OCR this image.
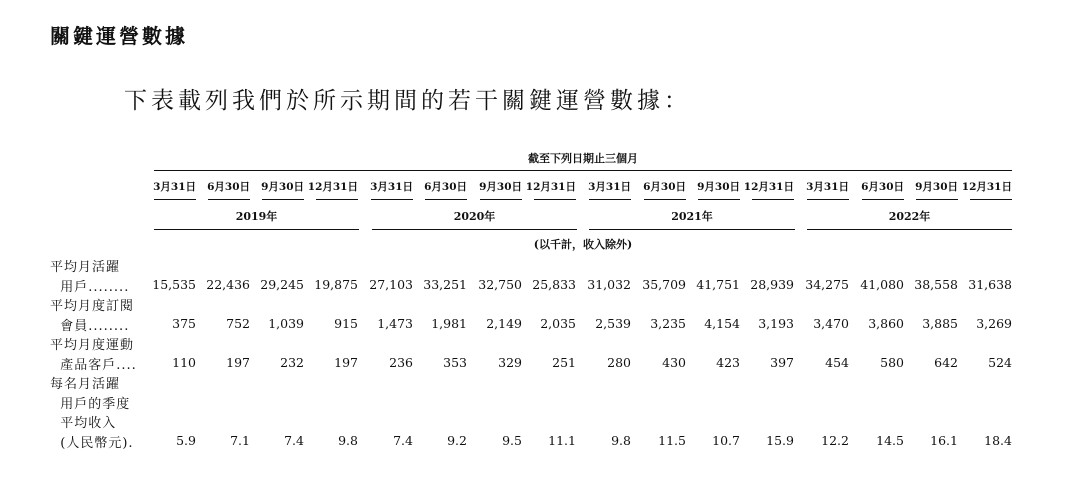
關鍵運營數據
下表載列我們於所示期間的若干關鍵運營數據：
截至下列日期止三個月
3月31日	6月30日	9月30日 12月31日	3月31日	6月30日	9月30日 12月31日	3月31日	6月30日	9月30日 12月31日	3月31日	6月30日	9月30日 12月31日
2019年	2020年	2021年	2022年
平均月活躍
用戶........	15,535 22,436 29,245 19,875 27,103 33,251 32,750 25,833 31,032 35,709 41,751 28,939 34,275 41,080 38,558 31,638
平均月度訂閱
會員........	375	752	1,039	915	1,473	1,981	2,149	2,035	2,539	3,235	4,154	3,193	3,470	3,860	3,885	3,269
平均月度運動
產品客戶....	110	197	232	197	236	353	329	251	280	430	423	397	454	580	642	524
每名月活躍
用戶的季度
平均收入
(人民幣元).	5.9	7.1	7.4	9.8	7.4	9.2	9.5	11.1	9.8	11.5	10.7	15.9	12.2	14.5	16.1	18.4
(以千計，收入除外)
